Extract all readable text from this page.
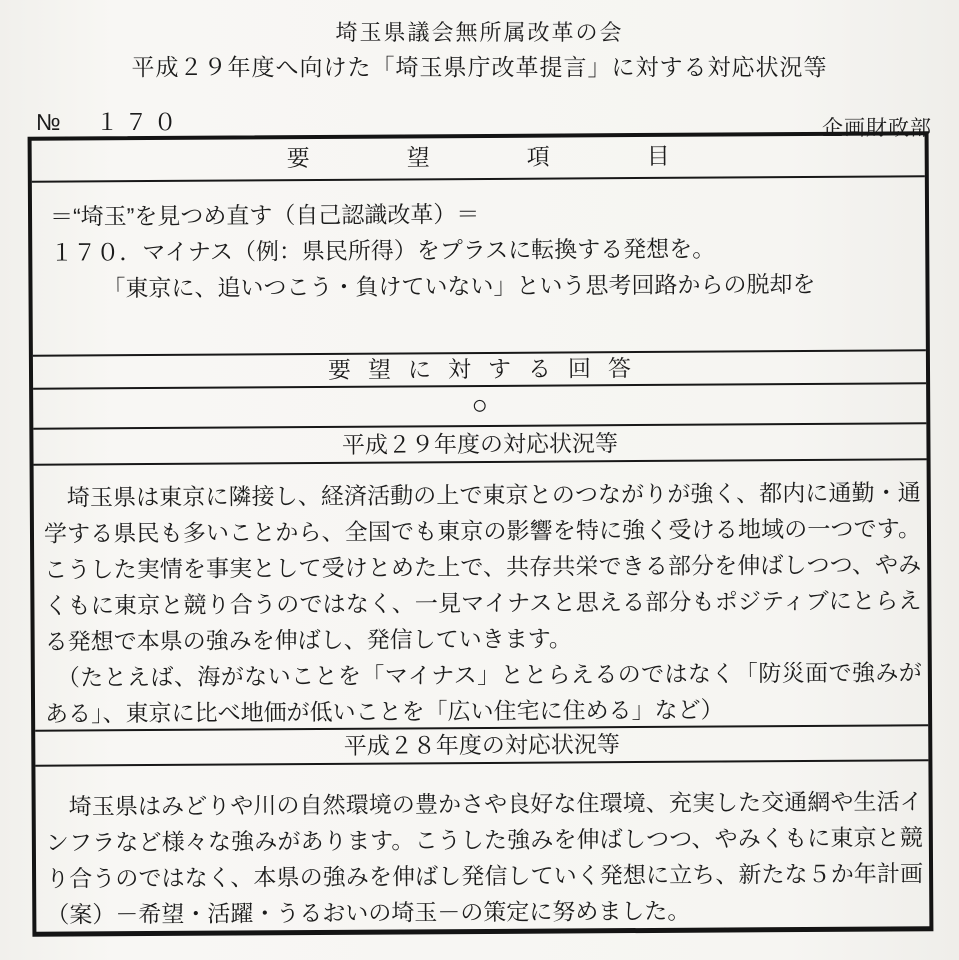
埼玉県議会無所属改革の会
平成２９年度へ向けた「埼玉県庁改革提言」に対する対応状況等
№　１７０	企画財政部
要望項目
＝“埼玉”を見つめ直す（自己認識改革）＝
１７０．マイナス（例：県民所得）をプラスに転換する発想を。
「東京に、追いつこう・負けていない」という思考回路からの脱却を
要望に対する回答
○
平成２９年度の対応状況等
　埼玉県は東京に隣接し、経済活動の上で東京とのつながりが強く、都内に通勤・通学する県民も多いことから、全国でも東京の影響を特に強く受ける地域の一つです。こうした実情を事実として受けとめた上で、共存共栄できる部分を伸ばしつつ、やみくもに東京と競り合うのではなく、一見マイナスと思える部分もポジティブにとらえる発想で本県の強みを伸ばし、発信していきます。
　（たとえば、海がないことを「マイナス」ととらえるのではなく「防災面で強みがある」、東京に比べ地価が低いことを「広い住宅に住める」など）
平成２８年度の対応状況等
　埼玉県はみどりや川の自然環境の豊かさや良好な住環境、充実した交通網や生活インフラなど様々な強みがあります。こうした強みを伸ばしつつ、やみくもに東京と競り合うのではなく、本県の強みを伸ばし発信していく発想に立ち、新たな５か年計画（案）－希望・活躍・うるおいの埼玉－の策定に努めました。
